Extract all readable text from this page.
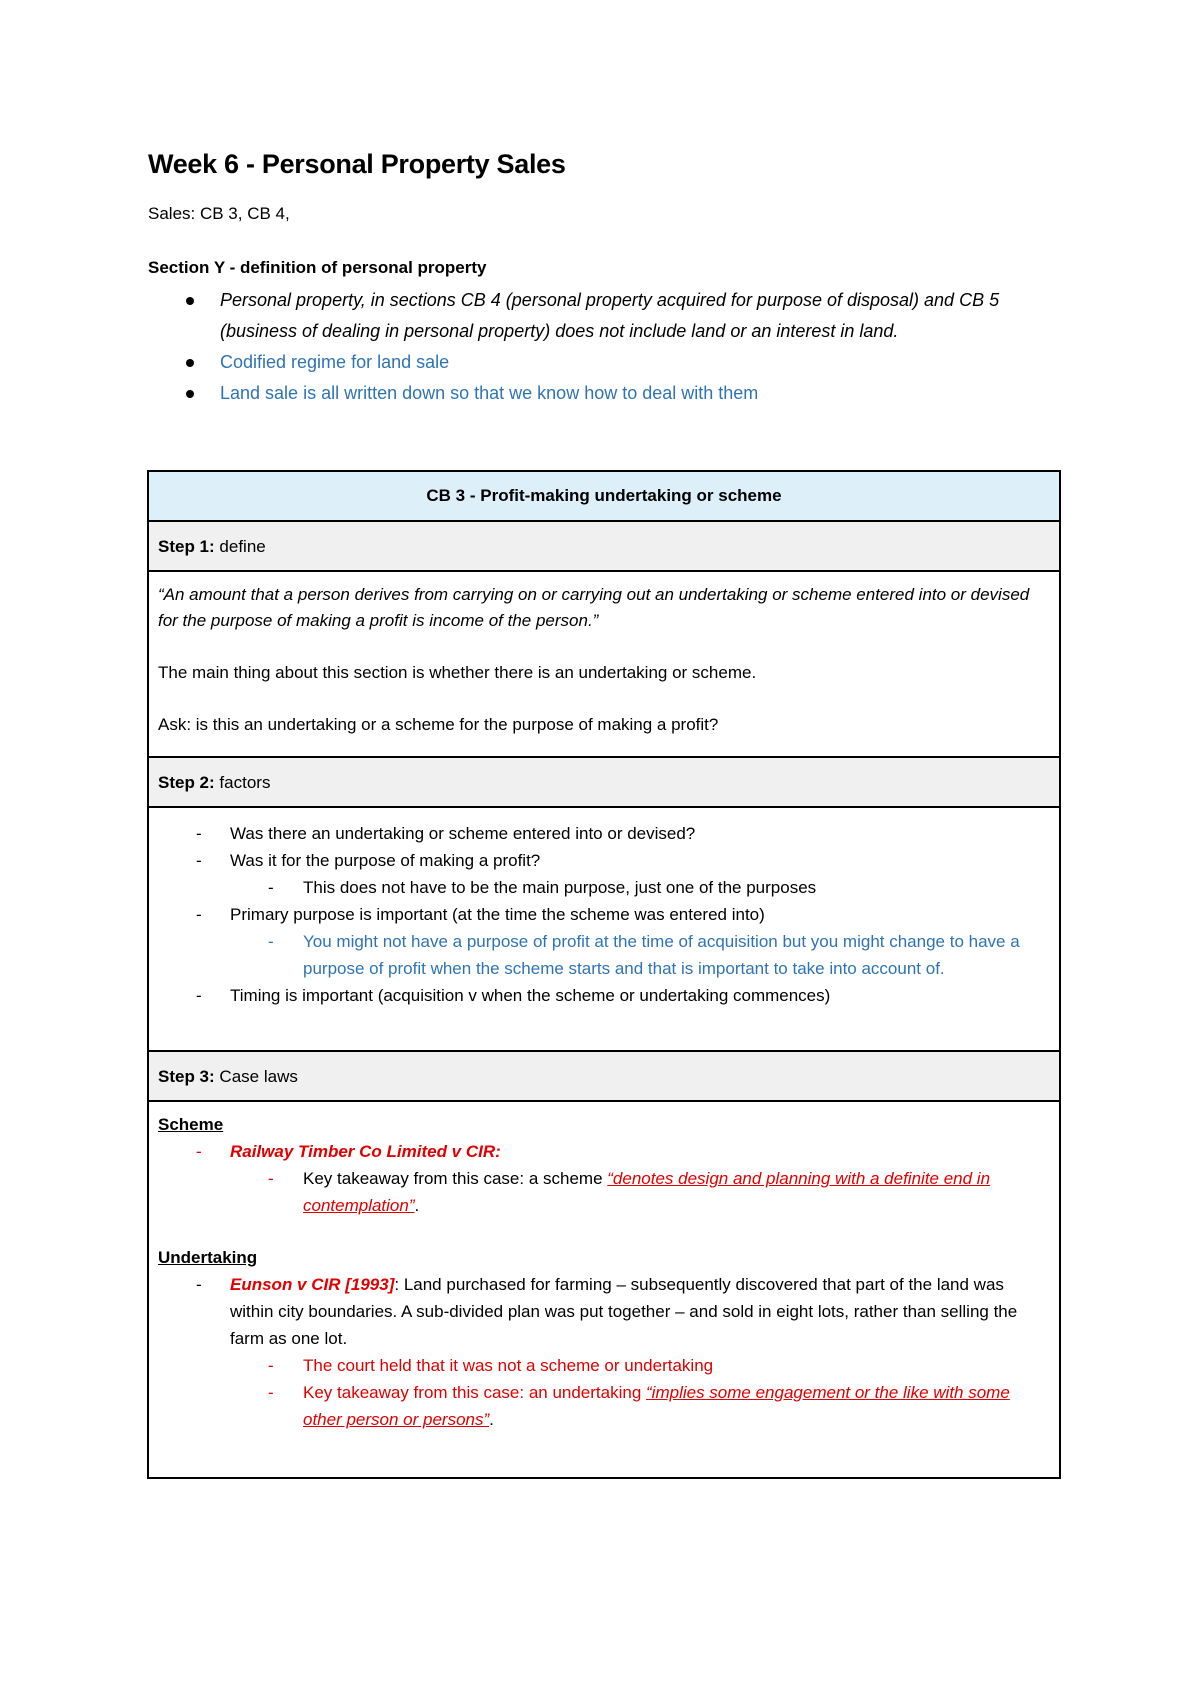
Week 6 - Personal Property Sales
Sales: CB 3, CB 4,
Section Y - definition of personal property
Personal property, in sections CB 4 (personal property acquired for purpose of disposal) and CB 5 (business of dealing in personal property) does not include land or an interest in land.
Codified regime for land sale
Land sale is all written down so that we know how to deal with them
CB 3 - Profit-making undertaking or scheme
Step 1: define

“An amount that a person derives from carrying on or carrying out an undertaking or scheme entered into or devised for the purpose of making a profit is income of the person.”

The main thing about this section is whether there is an undertaking or scheme.

Ask: is this an undertaking or a scheme for the purpose of making a profit?

Step 2: factors
- Was there an undertaking or scheme entered into or devised?
- Was it for the purpose of making a profit?
- This does not have to be the main purpose, just one of the purposes
- Primary purpose is important (at the time the scheme was entered into)
- You might not have a purpose of profit at the time of acquisition but you might change to have a purpose of profit when the scheme starts and that is important to take into account of.
- Timing is important (acquisition v when the scheme or undertaking commences)
Step 3: Case laws
Scheme
- Railway Timber Co Limited v CIR:
- Key takeaway from this case: a scheme “denotes design and planning with a definite end in contemplation”.
Undertaking
- Eunson v CIR [1993]: Land purchased for farming – subsequently discovered that part of the land was within city boundaries. A sub-divided plan was put together – and sold in eight lots, rather than selling the farm as one lot.
- The court held that it was not a scheme or undertaking
- Key takeaway from this case: an undertaking “implies some engagement or the like with some other person or persons”.
